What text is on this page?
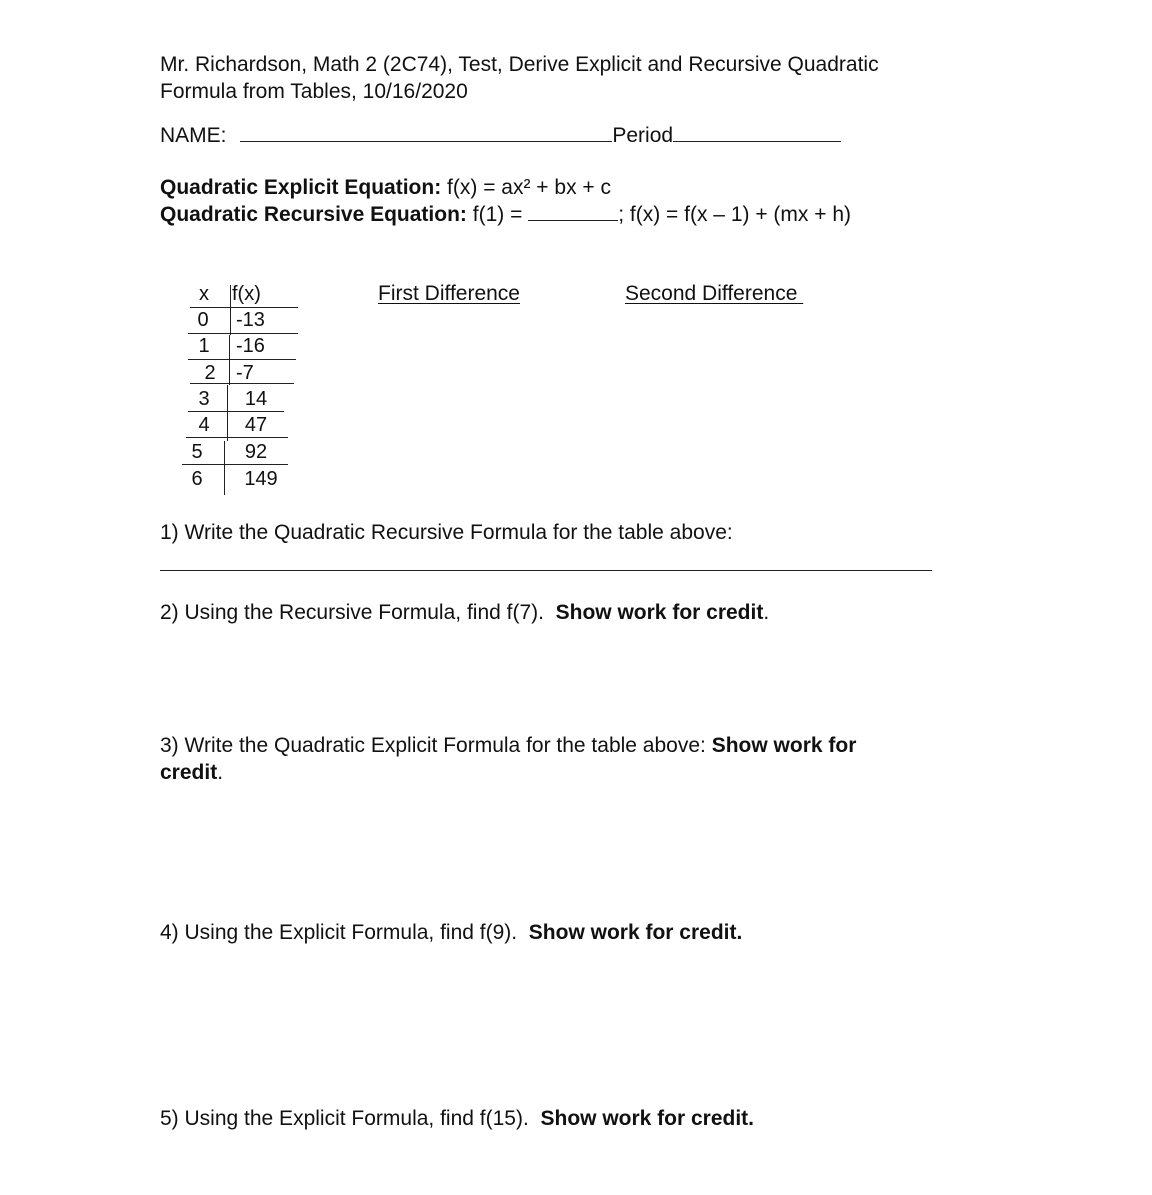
Mr. Richardson, Math 2 (2C74), Test, Derive Explicit and Recursive Quadratic
Formula from Tables, 10/16/2020
NAME:	Period
Quadratic Explicit Equation: f(x) = ax² + bx + c
Quadratic Recursive Equation: f(1) =	; f(x) = f(x – 1) + (mx + h)
First Difference	Second Difference
x	f(x)
0	-13
1	-16
2 -7
3	14
4	47
5	92
6	149
1) Write the Quadratic Recursive Formula for the table above:
2) Using the Recursive Formula, find f(7). Show work for credit.
3) Write the Quadratic Explicit Formula for the table above: Show work for
credit.
4) Using the Explicit Formula, find f(9). Show work for credit.
5) Using the Explicit Formula, find f(15). Show work for credit.
